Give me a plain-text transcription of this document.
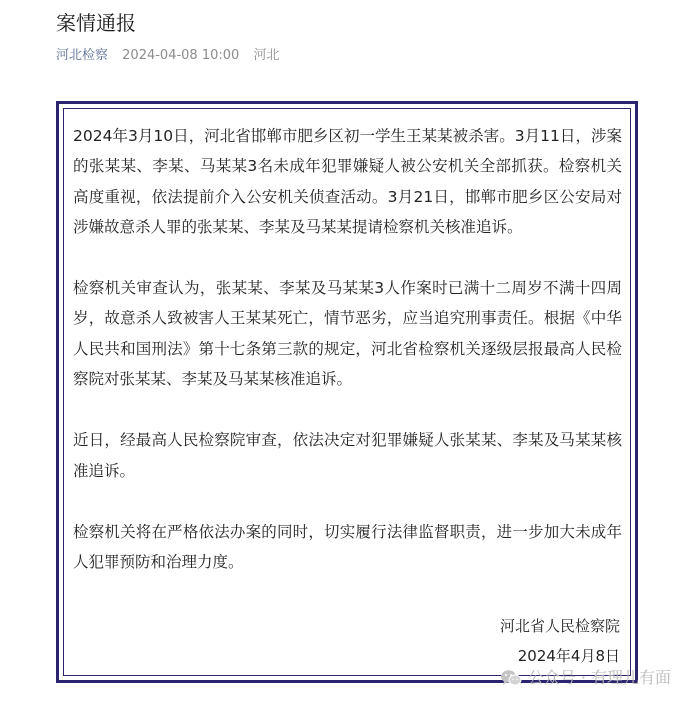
案情通报
河北检察 2024-04-08 10:00 河北

2024年3月10日，河北省邯郸市肥乡区初一学生王某某被杀害。3月11日，涉案的张某某、李某、马某某3名未成年犯罪嫌疑人被公安机关全部抓获。检察机关高度重视，依法提前介入公安机关侦查活动。3月21日，邯郸市肥乡区公安局对涉嫌故意杀人罪的张某某、李某及马某某提请检察机关核准追诉。

检察机关审查认为，张某某、李某及马某某3人作案时已满十二周岁不满十四周岁，故意杀人致被害人王某某死亡，情节恶劣，应当追究刑事责任。根据《中华人民共和国刑法》第十七条第三款的规定，河北省检察机关逐级层报最高人民检察院对张某某、李某及马某某核准追诉。

近日，经最高人民检察院审查，依法决定对犯罪嫌疑人张某某、李某及马某某核准追诉。

检察机关将在严格依法办案的同时，切实履行法律监督职责，进一步加大未成年人犯罪预防和治理力度。

河北省人民检察院
2024年4月8日
公众号 · 有理儿有面
